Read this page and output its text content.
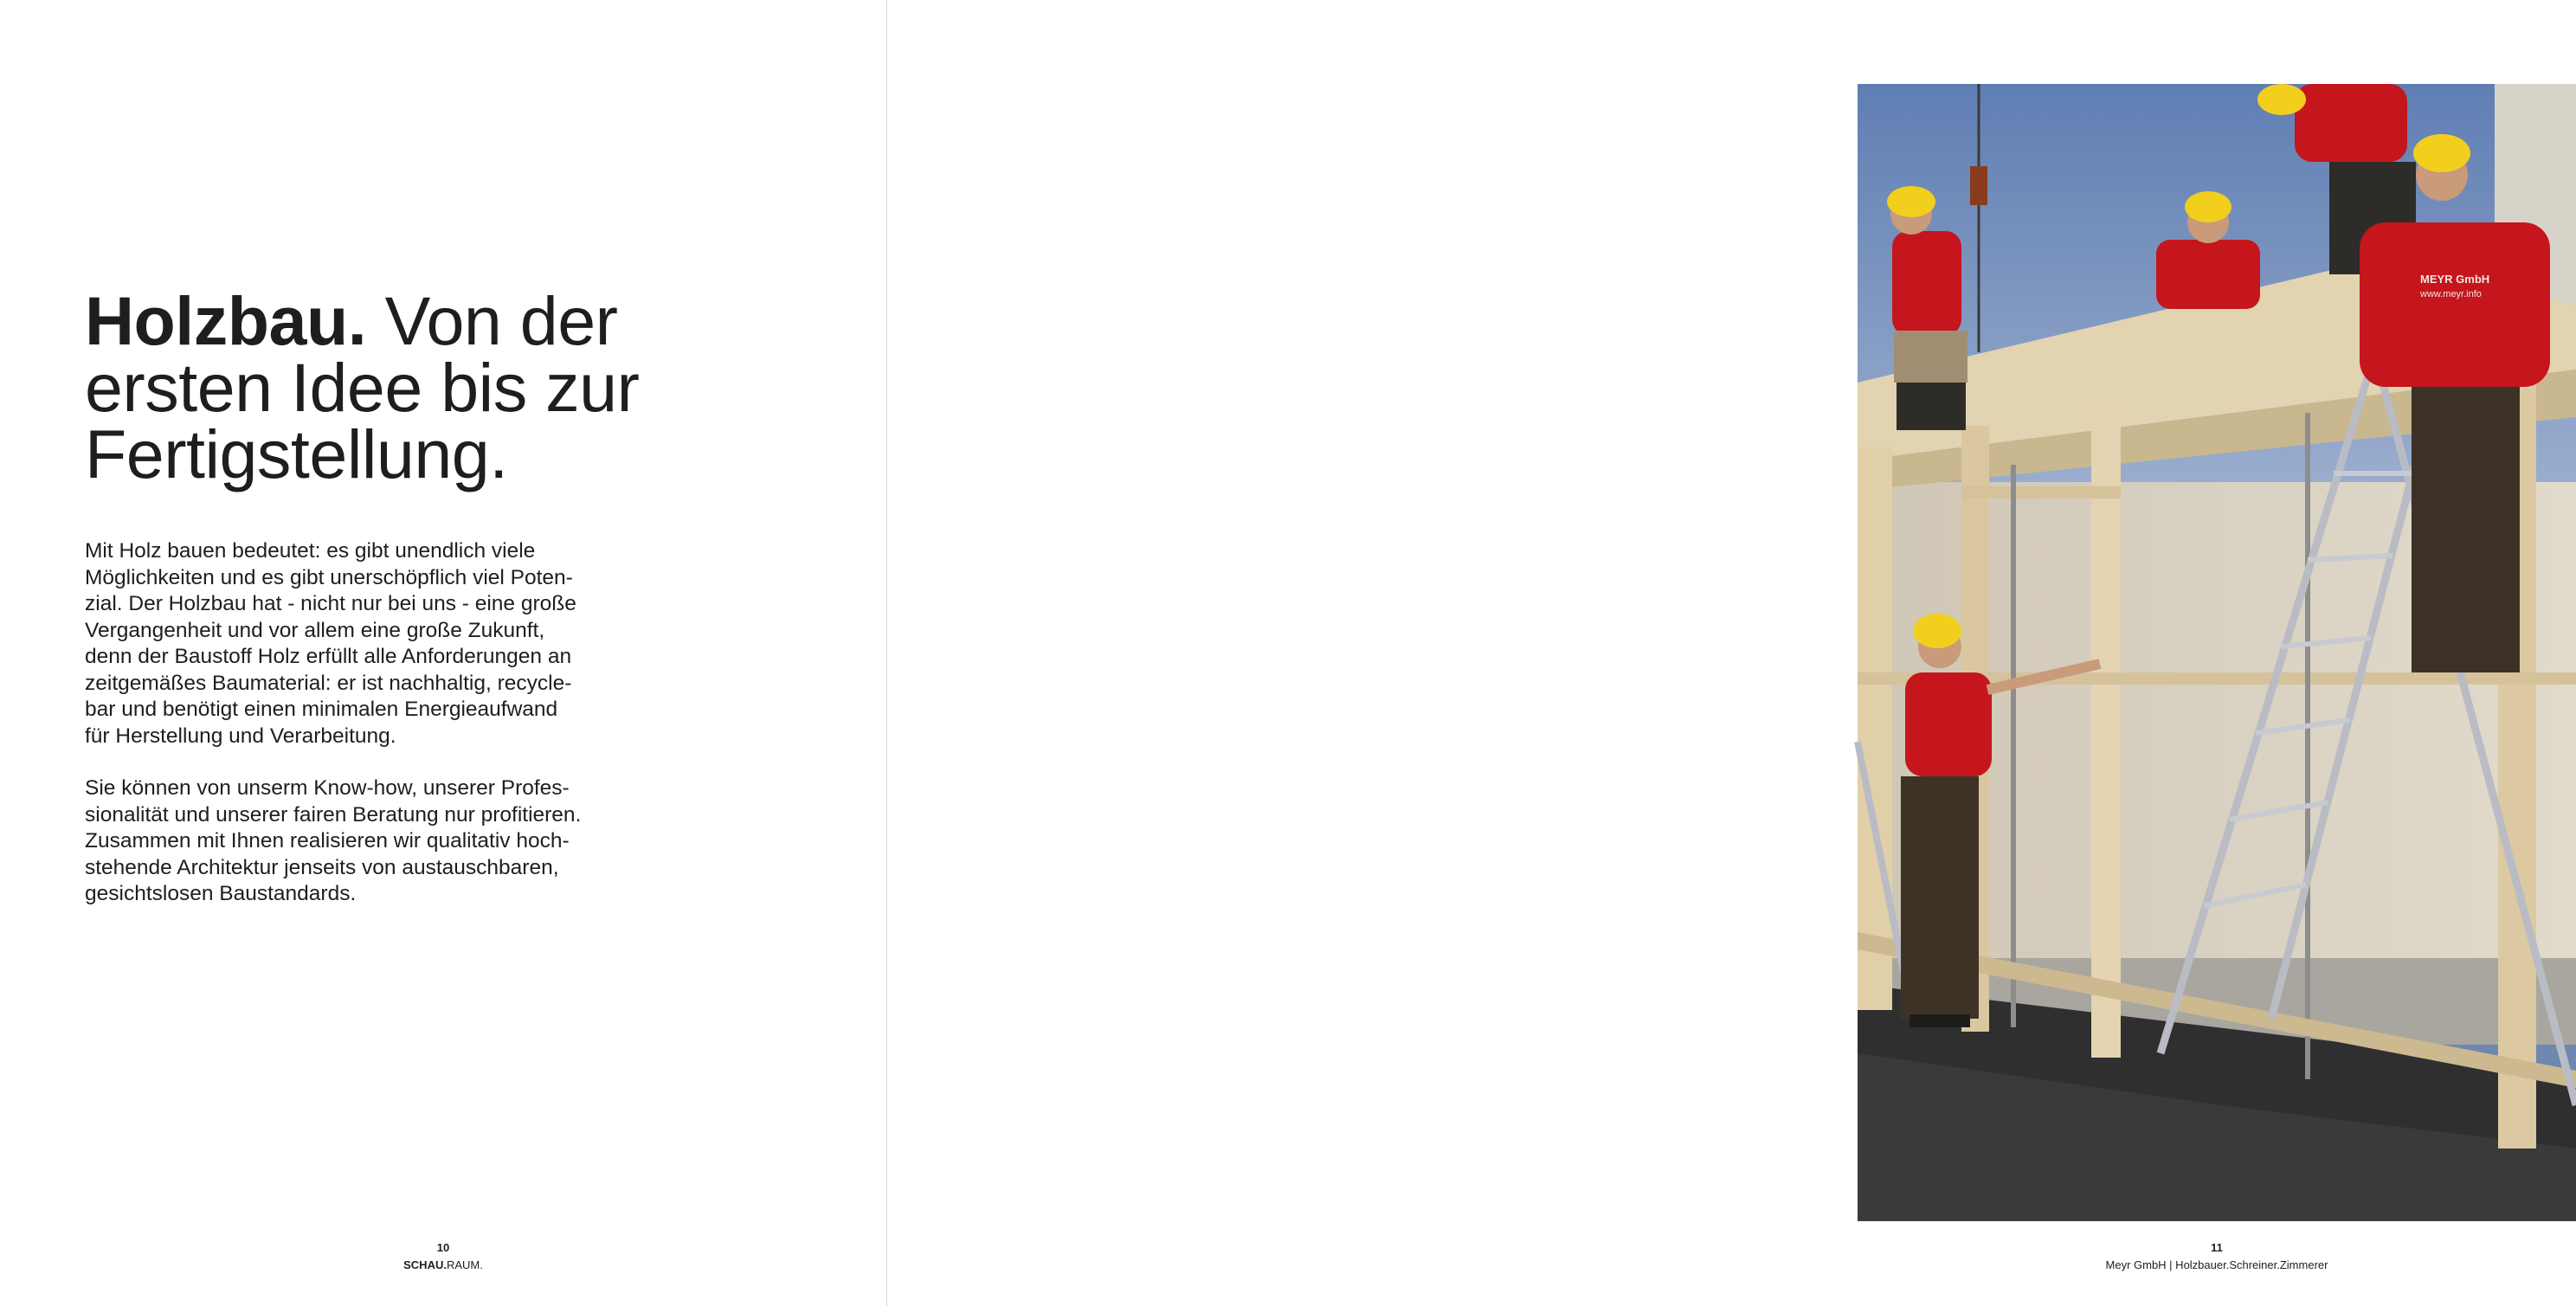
Holzbau. Von der
ersten Idee bis zur
Fertigstellung.

Mit Holz bauen bedeutet: es gibt unendlich viele
Möglichkeiten und es gibt unerschöpflich viel Poten-
zial. Der Holzbau hat - nicht nur bei uns - eine große
Vergangenheit und vor allem eine große Zukunft,
denn der Baustoff Holz erfüllt alle Anforderungen an
zeitgemäßes Baumaterial: er ist nachhaltig, recycle-
bar und benötigt einen minimalen Energieaufwand
für Herstellung und Verarbeitung.

Sie können von unserm Know-how, unserer Profes-
sionalität und unserer fairen Beratung nur profitieren.
Zusammen mit Ihnen realisieren wir qualitativ hoch-
stehende Architektur jenseits von austauschbaren,
gesichtslosen Baustandards.

10
SCHAU.RAUM.
MEYR GmbH
www.meyr.info
11
Meyr GmbH | Holzbauer.Schreiner.Zimmerer
